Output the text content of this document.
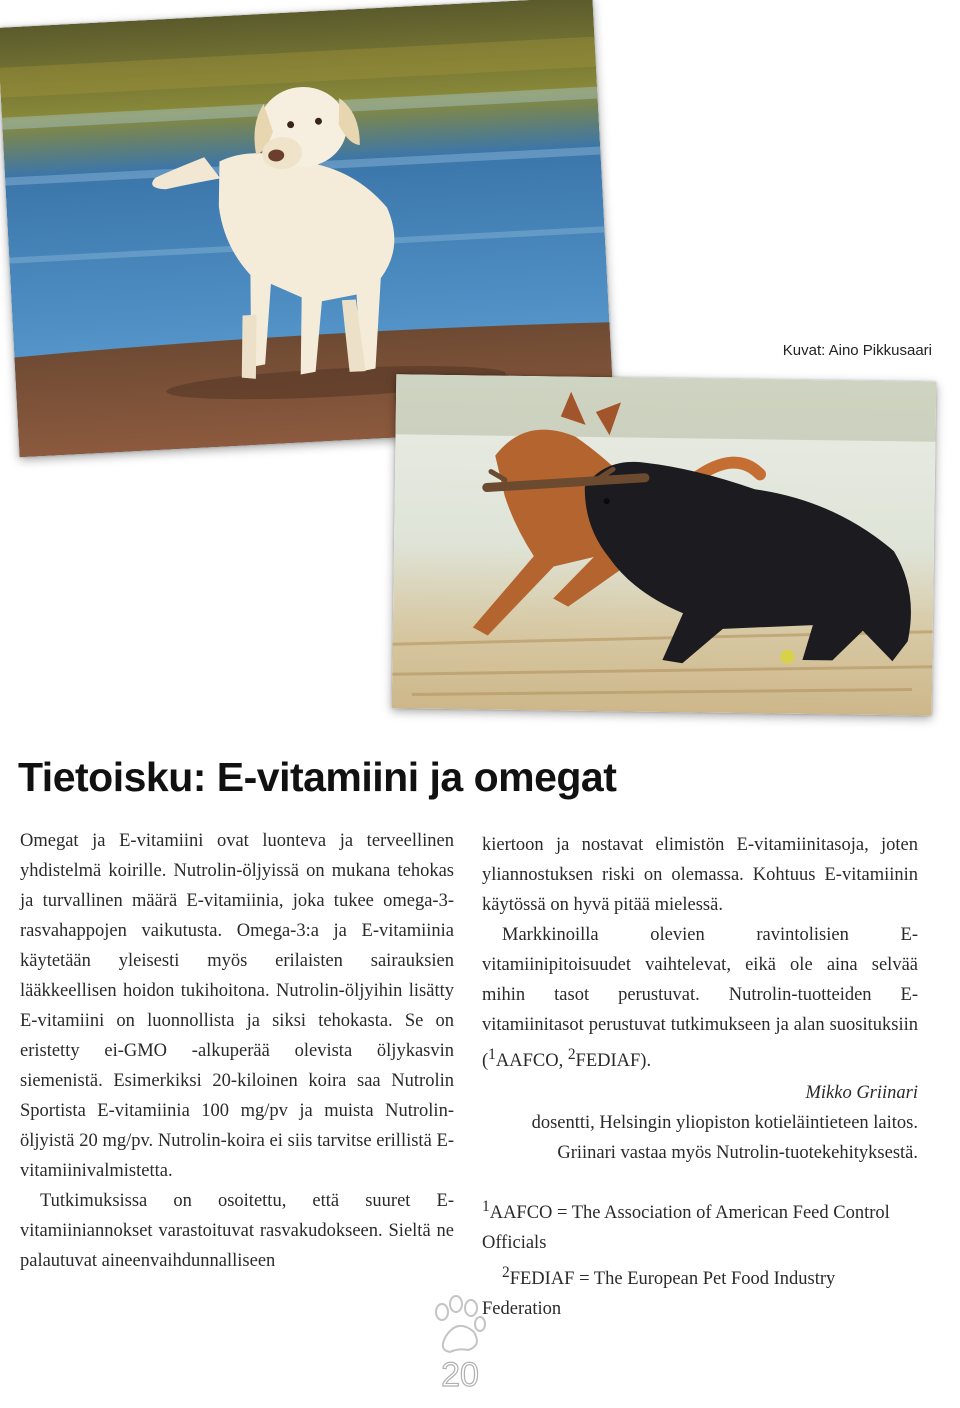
Kuvat: Aino Pikkusaari
Tietoisku: E-vitamiini ja omegat

Omegat ja E-vitamiini ovat luonteva ja terveellinen yhdistelmä koirille. Nutrolin-öljyissä on mukana tehokas ja turvallinen määrä E-vitamiinia, joka tukee omega-3-rasvahappojen vaikutusta. Omega-3:a ja E-vitamiinia käytetään yleisesti myös erilaisten sairauksien lääkkeellisen hoidon tukihoitona. Nutrolin-öljyihin lisätty E-vitamiini on luonnollista ja siksi tehokasta. Se on eristetty ei-GMO -alkuperää olevista öljykasvin siemenistä. Esimerkiksi 20-kiloinen koira saa Nutrolin Sportista E-vitamiinia 100 mg/pv ja muista Nutrolin-öljyistä 20 mg/pv. Nutrolin-koira ei siis tarvitse erillistä E-vitamiinivalmistetta.

Tutkimuksissa on osoitettu, että suuret E-vitamiiniannokset varastoituvat rasvakudokseen. Sieltä ne palautuvat aineenvaihdunnalliseen

kiertoon ja nostavat elimistön E-vitamiinitasoja, joten yliannostuksen riski on olemassa. Kohtuus E-vitamiinin käytössä on hyvä pitää mielessä.

Markkinoilla olevien ravintolisien E-vitamiinipitoisuudet vaihtelevat, eikä ole aina selvää mihin tasot perustuvat. Nutrolin-tuotteiden E-vitamiinitasot perustuvat tutkimukseen ja alan suosituksiin ($^1$AAFCO, $^2$FEDIAF).

Mikko Griinari

dosentti, Helsingin yliopiston kotieläintieteen laitos. Griinari vastaa myös Nutrolin-tuotekehityksestä.

$^1$AAFCO = The Association of American Feed Control Officials

$^2$FEDIAF = The European Pet Food Industry Federation

20
